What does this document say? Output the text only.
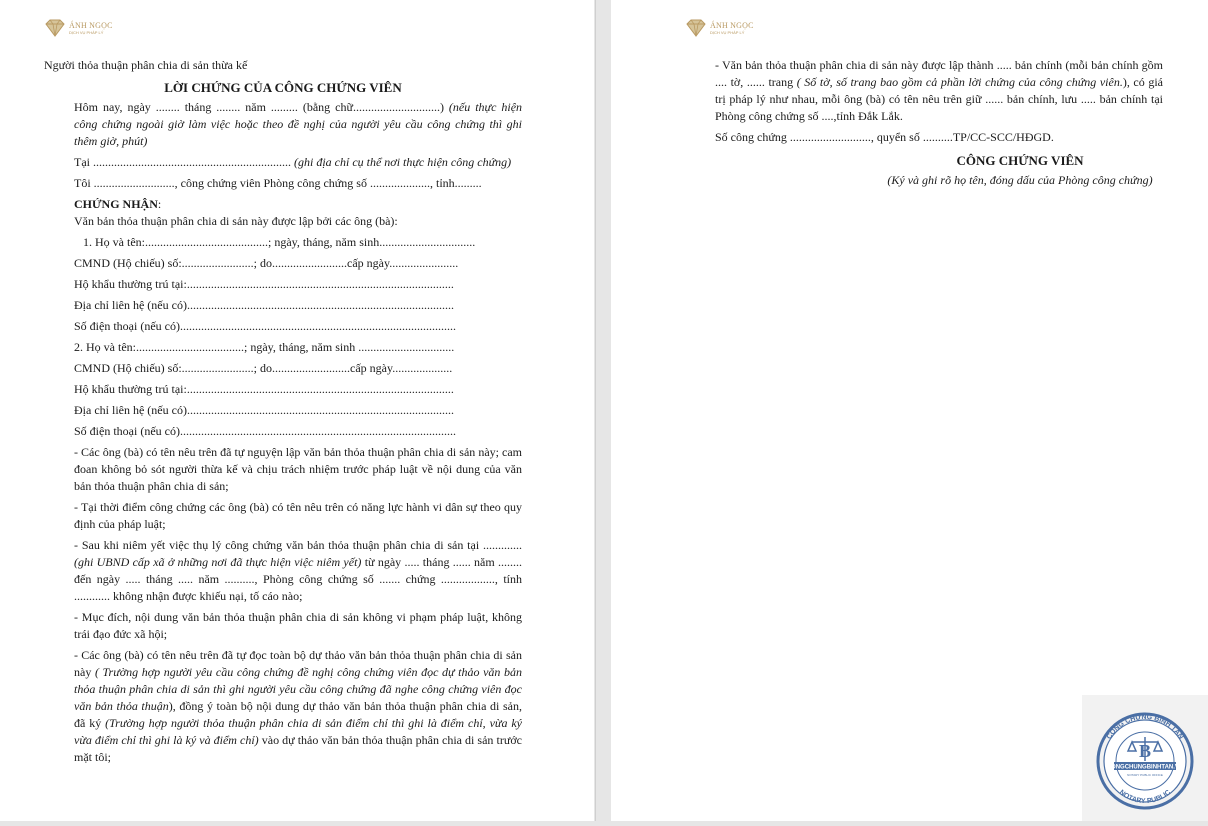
ÁNH NGỌC
DỊCH VỤ PHÁP LÝ

Người thỏa thuận phân chia di sản thừa kế

LỜI CHỨNG CỦA CÔNG CHỨNG VIÊN

Hôm nay, ngày ........ tháng ........ năm ......... (bằng chữ.............................) (nếu thực hiện công chứng ngoài giờ làm việc hoặc theo đề nghị của người yêu cầu công chứng thì ghi thêm giờ, phút)

Tại .................................................................. (ghi địa chỉ cụ thể nơi thực hiện công chứng)

Tôi ..........................., công chứng viên Phòng công chứng số ...................., tỉnh.........

CHỨNG NHẬN:

Văn bản thỏa thuận phân chia di sản này được lập bởi các ông (bà):

1. Họ và tên:.........................................; ngày, tháng, năm sinh................................

CMND (Hộ chiếu) số:........................; do.........................cấp ngày.......................

Hộ khẩu thường trú tại:.........................................................................................

Địa chỉ liên hệ (nếu có).........................................................................................

Số điện thoại (nếu có)............................................................................................

2. Họ và tên:....................................; ngày, tháng, năm sinh ................................

CMND (Hộ chiếu) số:........................; do..........................cấp ngày....................

Hộ khẩu thường trú tại:.........................................................................................

Địa chỉ liên hệ (nếu có).........................................................................................

Số điện thoại (nếu có)............................................................................................

- Các ông (bà) có tên nêu trên đã tự nguyện lập văn bản thỏa thuận phân chia di sản này; cam đoan không bỏ sót người thừa kế và chịu trách nhiệm trước pháp luật về nội dung của văn bản thỏa thuận phân chia di sản;

- Tại thời điểm công chứng các ông (bà) có tên nêu trên có năng lực hành vi dân sự theo quy định của pháp luật;

- Sau khi niêm yết việc thụ lý công chứng văn bản thỏa thuận phân chia di sản tại ............. (ghi UBND cấp xã ở những nơi đã thực hiện việc niêm yết) từ ngày ..... tháng ...... năm ........ đến ngày ..... tháng ..... năm .........., Phòng công chứng số ....... chứng .................., tính ............ không nhận được khiếu nại, tố cáo nào;

- Mục đích, nội dung văn bản thỏa thuận phân chia di sản không vi phạm pháp luật, không trái đạo đức xã hội;

- Các ông (bà) có tên nêu trên đã tự đọc toàn bộ dự thảo văn bản thỏa thuận phân chia di sản này ( Trường hợp người yêu cầu công chứng đề nghị công chứng viên đọc dự thảo văn bản thỏa thuận phân chia di sản thì ghi người yêu cầu công chứng đã nghe công chứng viên đọc văn bản thỏa thuận), đồng ý toàn bộ nội dung dự thảo văn bản thỏa thuận phân chia di sản, đã ký (Trường hợp người thỏa thuận phân chia di sản điểm chỉ thì ghi là điểm chỉ, vừa ký vừa điểm chỉ thì ghi là ký và điểm chỉ) vào dự thảo văn bản thỏa thuận phân chia di sản trước mặt tôi;

ÁNH NGỌC
DỊCH VỤ PHÁP LÝ

- Văn bản thỏa thuận phân chia di sản này được lập thành ..... bản chính (mỗi bản chính gồm .... tờ, ...... trang ( Số tờ, số trang bao gồm cả phần lời chứng của công chứng viên.), có giá trị pháp lý như nhau, mỗi ông (bà) có tên nêu trên giữ ...... bản chính, lưu ..... bản chính tại Phòng công chứng số ....,tỉnh Đắk Lắk.

Số công chứng ..........................., quyển số ..........TP/CC-SCC/HĐGD.

CÔNG CHỨNG VIÊN

(Ký và ghi rõ họ tên, đóng dấu của Phòng công chứng)

CÔNG CHỨNG BÌNH TÂN
NOTARY PUBLIC
B
CONGCHUNGBINHTAN.VN
NOTARY PUBLIC OFFICE
